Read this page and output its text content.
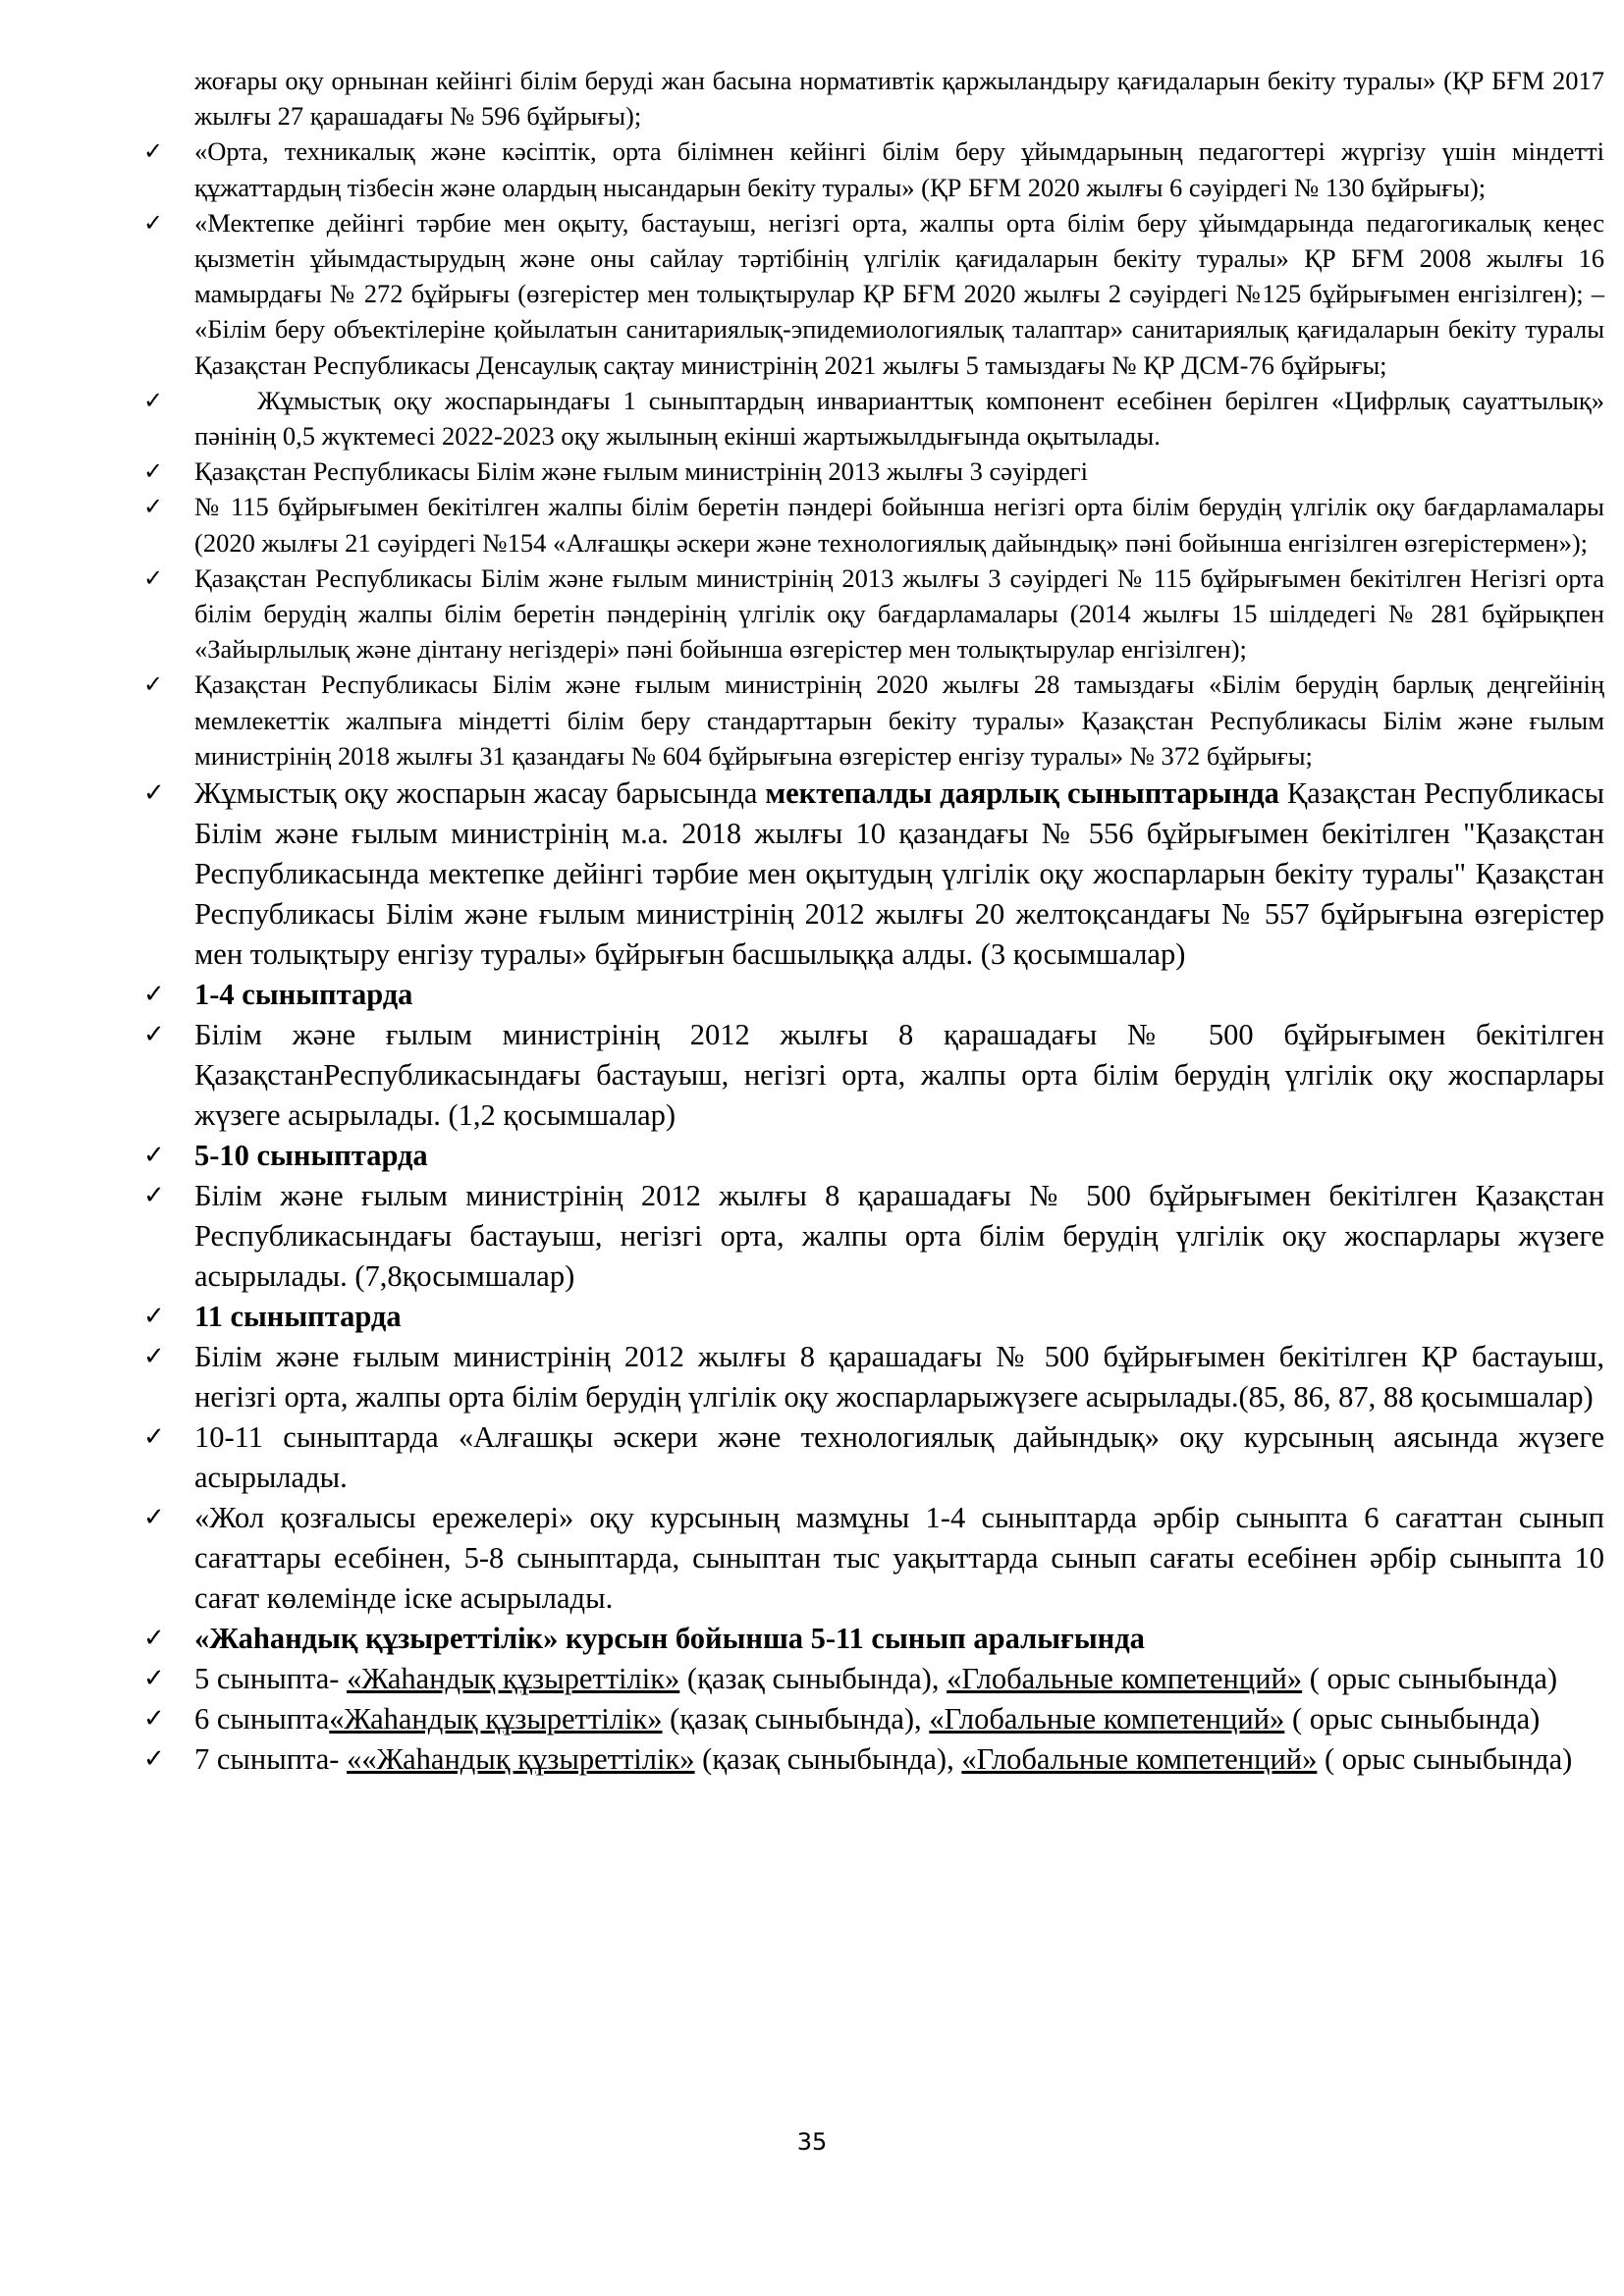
жоғары оқу орнынан кейінгі білім беруді жан басына нормативтік қаржыландыру қағидаларын бекіту туралы» (ҚР БҒМ 2017 жылғы 27 қарашадағы № 596 бұйрығы);
✓ «Орта, техникалық және кәсіптік, орта білімнен кейінгі білім беру ұйымдарының педагогтері жүргізу үшін міндетті құжаттардың тізбесін және олардың нысандарын бекіту туралы» (ҚР БҒМ 2020 жылғы 6 сәуірдегі № 130 бұйрығы);
✓ «Мектепке дейінгі тәрбие мен оқыту, бастауыш, негізгі орта, жалпы орта білім беру ұйымдарында педагогикалық кеңес қызметін ұйымдастырудың және оны сайлау тәртібінің үлгілік қағидаларын бекіту туралы» ҚР БҒМ 2008 жылғы 16 мамырдағы № 272 бұйрығы (өзгерістер мен толықтырулар ҚР БҒМ 2020 жылғы 2 сәуірдегі №125 бұйрығымен енгізілген); – «Білім беру объектілеріне қойылатын санитариялық-эпидемиологиялық талаптар» санитариялық қағидаларын бекіту туралы Қазақстан Республикасы Денсаулық сақтау министрінің 2021 жылғы 5 тамыздағы № ҚР ДСМ-76 бұйрығы;
✓	Жұмыстық оқу жоспарындағы 1 сыныптардың инварианттық компонент есебінен берілген «Цифрлық сауаттылық» пәнінің 0,5 жүктемесі 2022-2023 оқу жылының екінші жартыжылдығында оқытылады.
✓ Қазақстан Республикасы Білім және ғылым министрінің 2013 жылғы 3 сәуірдегі
✓ № 115 бұйрығымен бекітілген жалпы білім беретін пәндері бойынша негізгі орта білім берудің үлгілік оқу бағдарламалары (2020 жылғы 21 сәуірдегі №154 «Алғашқы әскери және технологиялық дайындық» пәні бойынша енгізілген өзгерістермен»);
✓ Қазақстан Республикасы Білім және ғылым министрінің 2013 жылғы 3 сәуірдегі № 115 бұйрығымен бекітілген Негізгі орта білім берудің жалпы білім беретін пәндерінің үлгілік оқу бағдарламалары (2014 жылғы 15 шілдедегі № 281 бұйрықпен «Зайырлылық және дінтану негіздері» пәні бойынша өзгерістер мен толықтырулар енгізілген);
✓ Қазақстан Республикасы Білім және ғылым министрінің 2020 жылғы 28 тамыздағы «Білім берудің барлық деңгейінің мемлекеттік жалпыға міндетті білім беру стандарттарын бекіту туралы» Қазақстан Республикасы Білім және ғылым министрінің 2018 жылғы 31 қазандағы № 604 бұйрығына өзгерістер енгізу туралы» № 372 бұйрығы;
✓ Жұмыстық оқу жоспарын жасау барысында мектепалды даярлық сыныптарында Қазақстан Республикасы Білім және ғылым министрінің м.а. 2018 жылғы 10 қазандағы № 556 бұйрығымен бекітілген "Қазақстан Республикасында мектепке дейінгі тәрбие мен оқытудың үлгілік оқу жоспарларын бекіту туралы" Қазақстан Республикасы Білім және ғылым министрінің 2012 жылғы 20 желтоқсандағы № 557 бұйрығына өзгерістер мен толықтыру енгізу туралы» бұйрығын басшылыққа алды. (3 қосымшалар)
✓ 1-4 сыныптарда
✓ Білім және ғылым министрінің 2012 жылғы 8 қарашадағы № 500 бұйрығымен бекітілген ҚазақстанРеспубликасындағы бастауыш, негізгі орта, жалпы орта білім берудің үлгілік оқу жоспарлары жүзеге асырылады. (1,2 қосымшалар)
✓ 5-10 сыныптарда
✓ Білім және ғылым министрінің 2012 жылғы 8 қарашадағы № 500 бұйрығымен бекітілген Қазақстан Республикасындағы бастауыш, негізгі орта, жалпы орта білім берудің үлгілік оқу жоспарлары жүзеге асырылады. (7,8қосымшалар)
✓ 11 сыныптарда
✓ Білім және ғылым министрінің 2012 жылғы 8 қарашадағы № 500 бұйрығымен бекітілген ҚР бастауыш, негізгі орта, жалпы орта білім берудің үлгілік оқу жоспарларыжүзеге асырылады.(85, 86, 87, 88 қосымшалар)
✓ 10-11 сыныптарда «Алғашқы әскери және технологиялық дайындық» оқу курсының аясында жүзеге асырылады.
✓ «Жол қозғалысы ережелері» оқу курсының мазмұны 1-4 сыныптарда әрбір сыныпта 6 сағаттан сынып сағаттары есебінен, 5-8 сыныптарда, сыныптан тыс уақыттарда сынып сағаты есебінен әрбір сыныпта 10 сағат көлемінде іске асырылады.
✓ «Жаһандық құзыреттілік» курсын бойынша 5-11 сынып аралығында
✓ 5 сыныпта- «Жаһандық құзыреттілік» (қазақ сыныбында), «Глобальные компетенций» ( орыс сыныбында)
✓ 6 сыныпта«Жаһандық құзыреттілік» (қазақ сыныбында), «Глобальные компетенций» ( орыс сыныбында)
✓ 7 сыныпта- ««Жаһандық құзыреттілік» (қазақ сыныбында), «Глобальные компетенций» ( орыс сыныбында)
35
